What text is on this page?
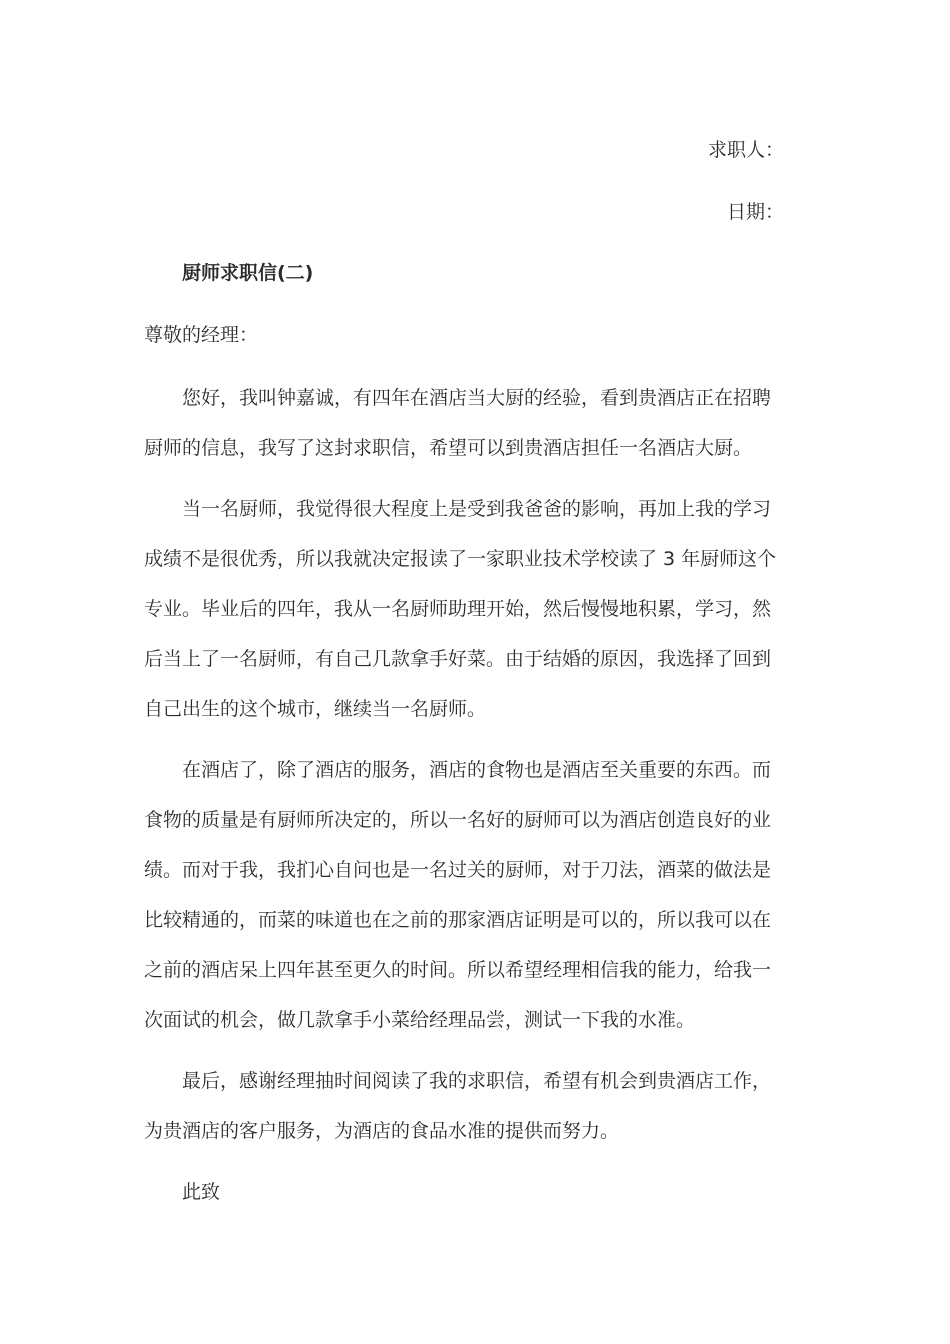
求职人：
日期：
厨师求职信(二)
尊敬的经理：
您好，我叫钟嘉诚，有四年在酒店当大厨的经验，看到贵酒店正在招聘
厨师的信息，我写了这封求职信，希望可以到贵酒店担任一名酒店大厨。
当一名厨师，我觉得很大程度上是受到我爸爸的影响，再加上我的学习
成绩不是很优秀，所以我就决定报读了一家职业技术学校读了 3 年厨师这个
专业。毕业后的四年，我从一名厨师助理开始，然后慢慢地积累，学习，然
后当上了一名厨师，有自己几款拿手好菜。由于结婚的原因，我选择了回到
自己出生的这个城市，继续当一名厨师。
在酒店了，除了酒店的服务，酒店的食物也是酒店至关重要的东西。而
食物的质量是有厨师所决定的，所以一名好的厨师可以为酒店创造良好的业
绩。而对于我，我扪心自问也是一名过关的厨师，对于刀法，酒菜的做法是
比较精通的，而菜的味道也在之前的那家酒店证明是可以的，所以我可以在
之前的酒店呆上四年甚至更久的时间。所以希望经理相信我的能力，给我一
次面试的机会，做几款拿手小菜给经理品尝，测试一下我的水准。
最后，感谢经理抽时间阅读了我的求职信，希望有机会到贵酒店工作，
为贵酒店的客户服务，为酒店的食品水准的提供而努力。
此致
